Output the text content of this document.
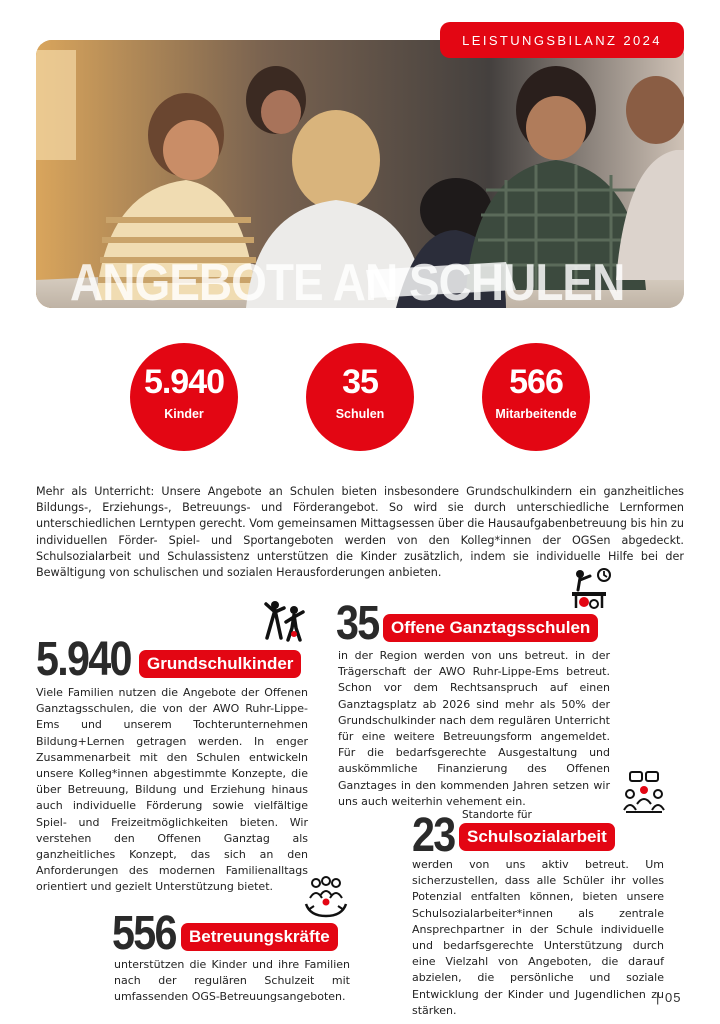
LEISTUNGSBILANZ 2024
ANGEBOTE AN SCHULEN
5.940
Kinder
35
Schulen
566
Mitarbeitende

Mehr als Unterricht: Unsere Angebote an Schulen bieten insbesondere Grundschulkindern ein ganzheitliches Bildungs-, Erziehungs-, Betreuungs- und Förderangebot. So wird sie durch unterschiedliche Lernformen unterschiedlichen Lerntypen gerecht. Vom gemeinsamen Mittagsessen über die Hausaufgabenbetreuung bis hin zu individuellen Förder- Spiel- und Sportangeboten werden von den Kolleg*innen der OGSen abgedeckt. Schulsozialarbeit und Schulassistenz unterstützen die Kinder zusätzlich, indem sie individuelle Hilfe bei der Bewältigung von schulischen und sozialen Herausforderungen anbieten.

5.940 Grundschulkinder

Viele Familien nutzen die Angebote der Offenen Ganztagsschulen, die von der AWO Ruhr-Lippe-Ems und unserem Tochterunternehmen Bildung+Lernen getragen werden. In enger Zusammenarbeit mit den Schulen entwickeln unsere Kolleg*innen abgestimmte Konzepte, die über Betreuung, Bildung und Erziehung hinaus auch individuelle Förderung sowie vielfältige Spiel- und Freizeitmöglichkeiten bieten. Wir verstehen den Offenen Ganztag als ganzheitliches Konzept, das sich an den Anforderungen des modernen Familienalltags orientiert und gezielt Unterstützung bietet.

35 Offene Ganztagsschulen

in der Region werden von uns betreut. in der Trägerschaft der AWO Ruhr-Lippe-Ems betreut. Schon vor dem Rechtsanspruch auf einen Ganztagsplatz ab 2026 sind mehr als 50% der Grundschulkinder nach dem regulären Unterricht für eine weitere Betreuungsform angemeldet. Für die bedarfsgerechte Ausgestaltung und auskömmliche Finanzierung des Offenen Ganztages in den kommenden Jahren setzen wir uns auch weiterhin vehement ein.

Standorte für
23 Schulsozialarbeit

werden von uns aktiv betreut. Um sicherzustellen, dass alle Schüler ihr volles Potenzial entfalten können, bieten unsere Schulsozialarbeiter*innen als zentrale Ansprechpartner in der Schule individuelle und bedarfsgerechte Unterstützung durch eine Vielzahl von Angeboten, die darauf abzielen, die persönliche und soziale Entwicklung der Kinder und Jugendlichen zu stärken.

556 Betreuungskräfte

unterstützen die Kinder und ihre Familien nach der regulären Schulzeit mit umfassenden OGS-Betreuungsangeboten.	| 05
